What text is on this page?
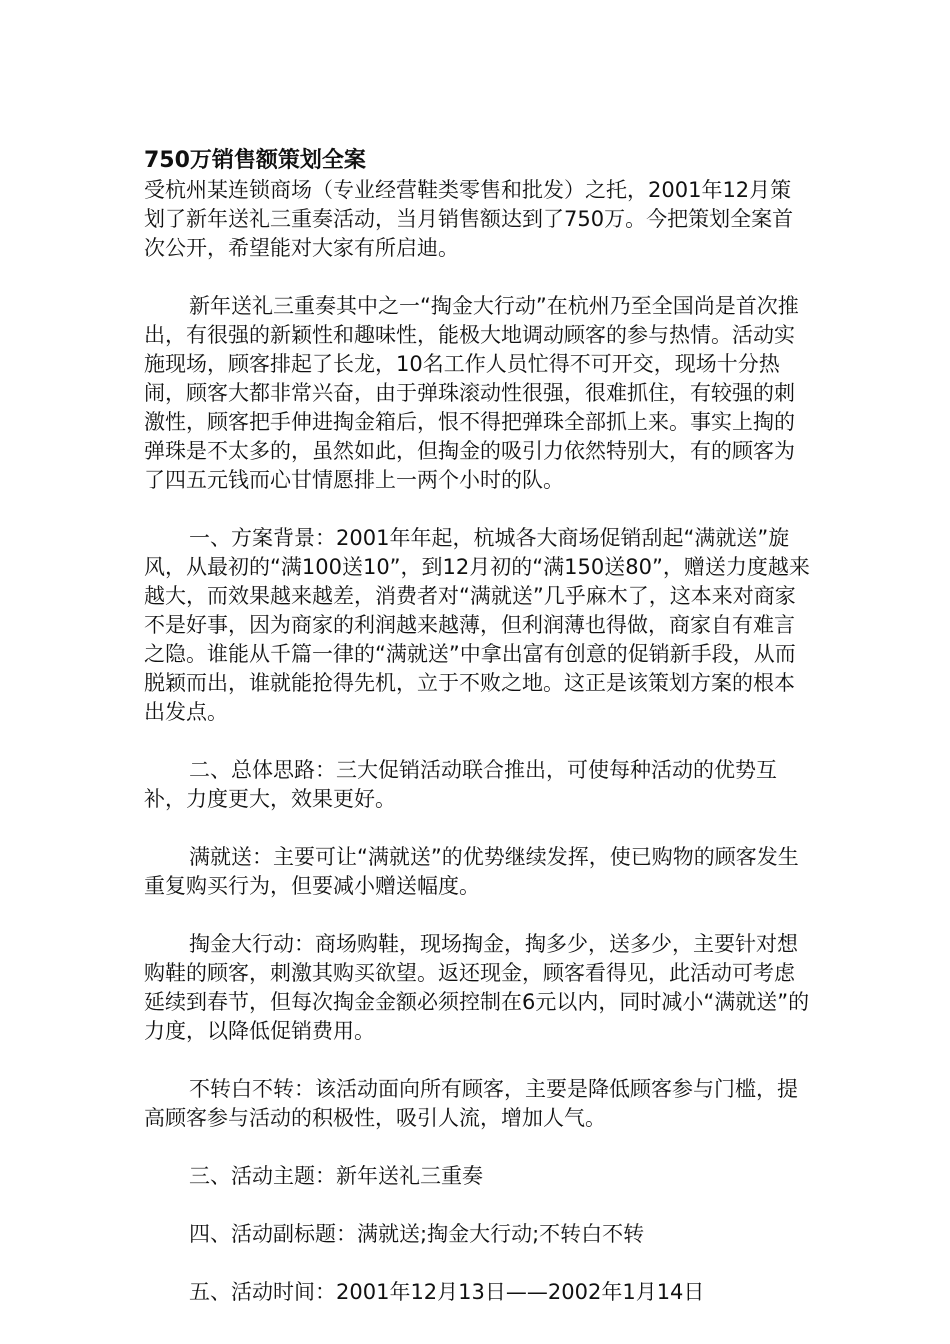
750万销售额策划全案

受杭州某连锁商场（专业经营鞋类零售和批发）之托，2001年12月策划了新年送礼三重奏活动，当月销售额达到了750万。今把策划全案首次公开，希望能对大家有所启迪。

新年送礼三重奏其中之一“掏金大行动”在杭州乃至全国尚是首次推出，有很强的新颖性和趣味性，能极大地调动顾客的参与热情。活动实施现场，顾客排起了长龙，10名工作人员忙得不可开交，现场十分热闹，顾客大都非常兴奋，由于弹珠滚动性很强，很难抓住，有较强的刺激性，顾客把手伸进掏金箱后，恨不得把弹珠全部抓上来。事实上掏的弹珠是不太多的，虽然如此，但掏金的吸引力依然特别大，有的顾客为了四五元钱而心甘情愿排上一两个小时的队。

一、方案背景：2001年年起，杭城各大商场促销刮起“满就送”旋风，从最初的“满100送10”，到12月初的“满150送80”，赠送力度越来越大，而效果越来越差，消费者对“满就送”几乎麻木了，这本来对商家不是好事，因为商家的利润越来越薄，但利润薄也得做，商家自有难言之隐。谁能从千篇一律的“满就送”中拿出富有创意的促销新手段，从而脱颖而出，谁就能抢得先机，立于不败之地。这正是该策划方案的根本出发点。

二、总体思路：三大促销活动联合推出，可使每种活动的优势互补，力度更大，效果更好。

满就送：主要可让“满就送”的优势继续发挥，使已购物的顾客发生重复购买行为，但要减小赠送幅度。

掏金大行动：商场购鞋，现场掏金，掏多少，送多少，主要针对想购鞋的顾客，刺激其购买欲望。返还现金，顾客看得见，此活动可考虑延续到春节，但每次掏金金额必须控制在6元以内，同时减小“满就送”的力度，以降低促销费用。

不转白不转：该活动面向所有顾客，主要是降低顾客参与门槛，提高顾客参与活动的积极性，吸引人流，增加人气。

三、活动主题：新年送礼三重奏

四、活动副标题：满就送;掏金大行动;不转白不转

五、活动时间：2001年12月13日——2002年1月14日
